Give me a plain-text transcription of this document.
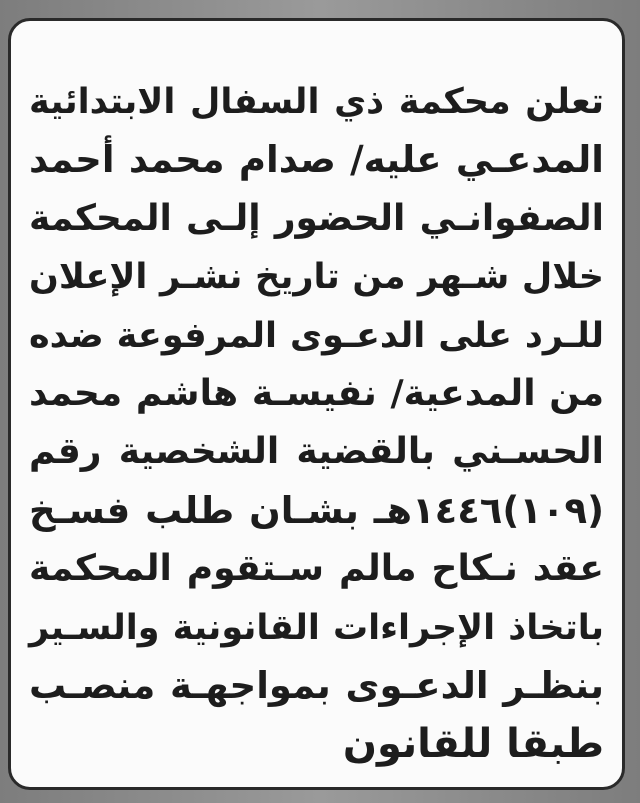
تعلن محكمة ذي السفال الابتدائية
المدعـي عليه/ صدام محمد أحمد
الصفوانـي الحضور إلـى المحكمة
خلال شـهر من تاريخ نشـر الإعلان
للـرد على الدعـوى المرفوعة ضده
من المدعية/ نفيسـة هاشم محمد
الحسـني بالقضية الشخصية رقم
(١٠٩)١٤٤٦هـ بشـان طلب فسـخ
عقد نـكاح مالم سـتقوم المحكمة
باتخاذ الإجراءات القانونية والسـير
بنظـر الدعـوى بمواجهـة منصـب
طبقا للقانون
